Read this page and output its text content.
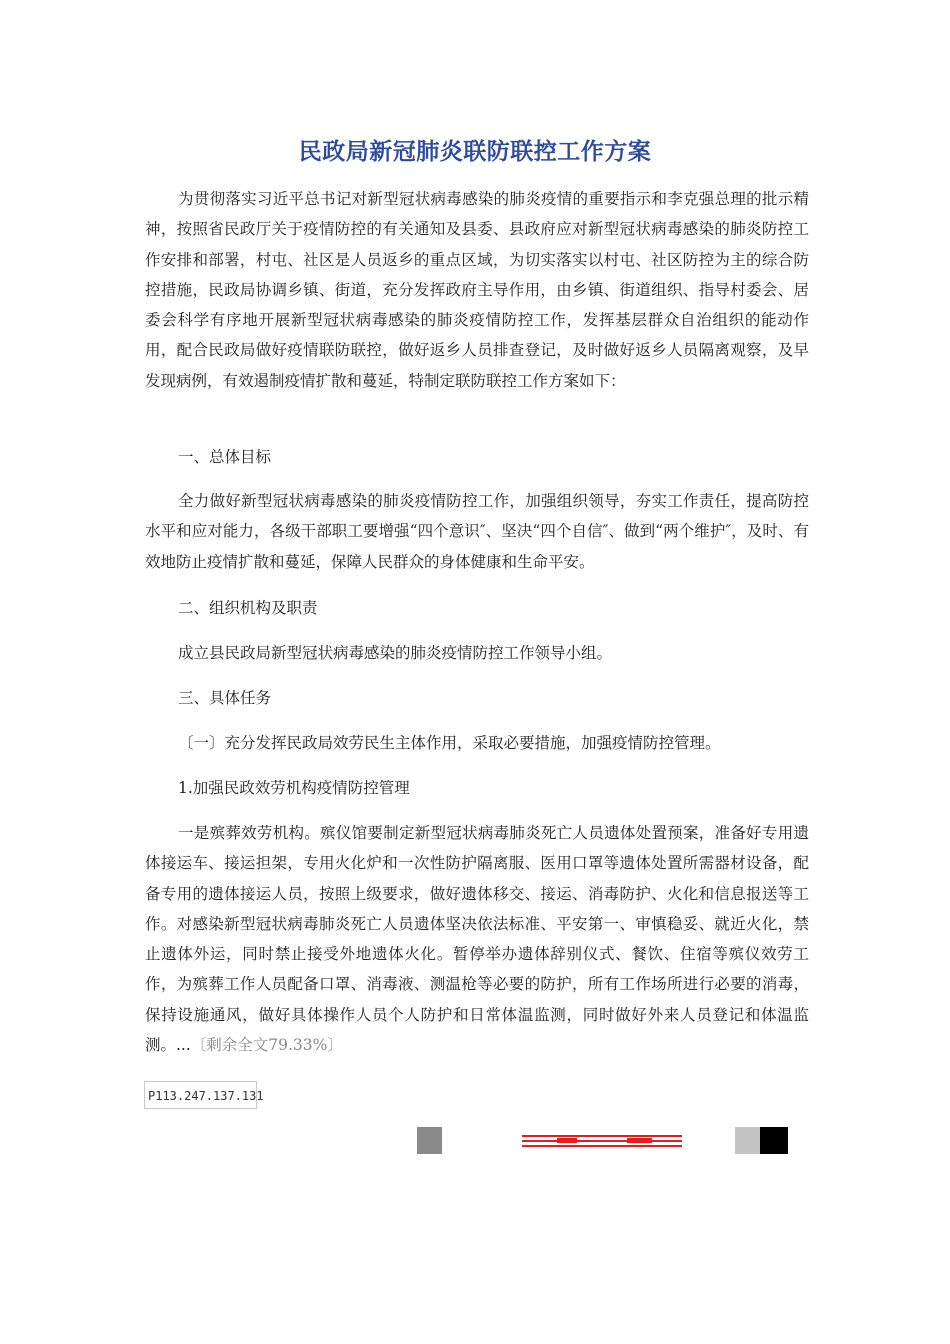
民政局新冠肺炎联防联控工作方案
为贯彻落实习近平总书记对新型冠状病毒感染的肺炎疫情的重要指示和李克强总理的批示精神，按照省民政厅关于疫情防控的有关通知及县委、县政府应对新型冠状病毒感染的肺炎防控工作安排和部署，村屯、社区是人员返乡的重点区域，为切实落实以村屯、社区防控为主的综合防控措施，民政局协调乡镇、街道，充分发挥政府主导作用，由乡镇、街道组织、指导村委会、居委会科学有序地开展新型冠状病毒感染的肺炎疫情防控工作，发挥基层群众自治组织的能动作用，配合民政局做好疫情联防联控，做好返乡人员排查登记，及时做好返乡人员隔离观察，及早发现病例，有效遏制疫情扩散和蔓延，特制定联防联控工作方案如下：
一、总体目标
全力做好新型冠状病毒感染的肺炎疫情防控工作，加强组织领导，夯实工作责任，提高防控水平和应对能力，各级干部职工要增强“四个意识″、坚决“四个自信″、做到“两个维护″，及时、有效地防止疫情扩散和蔓延，保障人民群众的身体健康和生命平安。
二、组织机构及职责
成立县民政局新型冠状病毒感染的肺炎疫情防控工作领导小组。
三、具体任务
〔一〕充分发挥民政局效劳民生主体作用，采取必要措施，加强疫情防控管理。
1.加强民政效劳机构疫情防控管理
一是殡葬效劳机构。殡仪馆要制定新型冠状病毒肺炎死亡人员遗体处置预案，准备好专用遗体接运车、接运担架，专用火化炉和一次性防护隔离服、医用口罩等遗体处置所需器材设备，配备专用的遗体接运人员，按照上级要求，做好遗体移交、接运、消毒防护、火化和信息报送等工作。对感染新型冠状病毒肺炎死亡人员遗体坚决依法标准、平安第一、审慎稳妥、就近火化，禁止遗体外运，同时禁止接受外地遗体火化。暂停举办遗体辞别仪式、餐饮、住宿等殡仪效劳工作，为殡葬工作人员配备口罩、消毒液、测温枪等必要的防护，所有工作场所进行必要的消毒，保持设施通风，做好具体操作人员个人防护和日常体温监测，同时做好外来人员登记和体温监测。...〔剩余全文79.33%〕
P113.247.137.131
